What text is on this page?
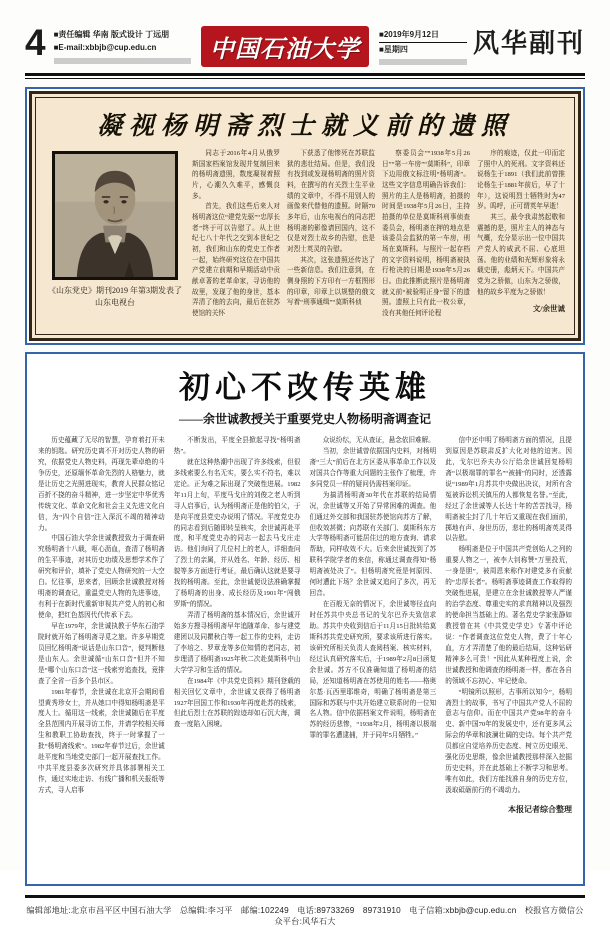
4 ■责任编辑 华南 版式设计 丁远朋
■E-mail:xbbjb@cup.edu.cn	中国石油大学
■2019年9月12日
■星期四	风华副刊
凝视杨明斋烈士就义前的遗照
《山东党史》期刊2019 年第3期发表了山东电视台

同志于2016年4月从俄罗斯国家档案馆发现并复制回来的杨明斋遗照，数度凝视着照片，心潮久久难平，感慨良多。

首先，我们这些后来人对杨明斋这位“建党先驱”“忠厚长者”终于可以告慰了。从上世纪七八十年代之交到本世纪之初，我们和山东的党史工作者一起，始终研究这位在中国共产党建立前期和早期活动中贡献卓著的老革命家，寻访他的故里，发现了他的身世，基本弄清了他的去向，最后在驻苏使馆的关怀

下获悉了他惨死在苏联监狱的悲壮结局。但是，我们没有找到或发现杨明斋的照片资料，在撰写的有关烈士生平业绩的文章中，不得不用别人的画像来代替他的遗照。时隔70多年后，山东电视台的同志把杨明斋的影像请回国内，这不仅是对烈士故乡的告慰，也是对烈士英灵的告慰。

其次，这张遗照还传达了一些新信息。我们注意到，在侧身照的下方印有一方框图形的印章，印章上以规整的俄文写着“刑事通缉”“莫斯科侦

察委员会”“1938年5月26日”“第一车房”“莫斯科”，印章下边用俄文标注明“杨明斋”。这些文字信息明确告诉我们：照片的主人是杨明斋，拍摄的时间是1938年5月26日，主持拍摄的单位是莫斯科刑事侦查委员会，杨明斋在押的地点是该委员会监狱的第一车房，刑场在莫斯科。与照片一起存档的文字资料说明，杨明斋被执行枪决的日期是1938年5月26日。由此推断此照片是杨明斋就义前“被验明正身”留下的遗照。遗照上只有此一枚公章，没有其他任何评论程

序的痕迹，仅此一印而定了照中人的死刑。文字资料还说杨生于1891（我们此前曾推论杨生于1881年前后，早了十年），这说明烈士牺牲时为47岁。呜呼，正可谓英年早逝！

其三，最令我肃然起敬和震撼的是，照片主人的神态与气概，充分显示出一位中国共产党人的威武不屈、心底坦荡。他的业绩和光辉形象将永载史册，彪炳天下。中国共产党为之骄傲，山东为之骄傲，他的故乡平度为之骄傲！

文/余世诚
初心不改传英雄
——余世诚教授关于重要党史人物杨明斋调查记

历史蕴藏了无尽的智慧，孕育着打开未来的钥匙。研究历史离不开对历史人物的研究，依据党史人物史料，再现先辈卓绝的斗争历史，还原缅怀革命先烈的人格魅力，就是让历史之光照进现实，教育人民群众铭记百折不挠的奋斗精神，进一步坚定中华优秀传统文化、革命文化和社会主义先进文化自信，为“四个自信”注入深沉不竭的精神动力。

中国石油大学余世诚教授致力于调查研究杨明斋十八载，呕心沥血，查清了杨明斋的生平事迹，对其历史功绩及思想学术作了研究和评价，填补了党史人物研究的一大空白。忆往事，思来者，回顾余世诚教授对杨明斋的调查记，重温党史人物的先进事迹，有利于在新时代重新审视共产党人的初心和使命，把红色基因代代传承下去。

早在1979年，余世诚执教于华东石油学院时就开始了杨明斋寻觅之旅。许多早期党员回忆杨明斋“说话是山东口音”，便判断他是山东人。余世诚循“山东口音”但并不知是“哪个山东口音”这一线索穷追查找，竟排查了全省一百多个县市区。

1981年春节，余世诚在北京开会期间看望黄秀珍女士，并从她口中得知杨明斋是平度人士。循用这一线索，余世诚随后在平度全县范围内开展寻访工作，并请学校相关师生和教职工协助查找，终于一时掌握了一批“杨明斋线索”。1982年春节过后，余世诚赴平度和当地党史部门一起开展查找工作。中共平度县委多次研究并具体部署相关工作，通过实地走访、有线广播和机关报纸等方式，寻人启事

不断发出，平度全县掀起寻找“杨明斋热”。

就在这种热潮中出现了许多线索，但很多线索要么有名无实，要么实不符名，难以定论。正为难之际出现了突破性进展。1982年11月上旬，平度马戈庄的刘俊之老人听到寻人启事后，认为杨明斋正是他的伯父，于是向平度县党史办说明了情况。平度党史办的同志看到后随即转呈核实，余世诚再赴平度，和平度党史办的同志一起去马戈庄走访。他们询问了几位村上的老人，详细查问了烈士的亲属，并从姓名、年龄、经历、相貌等多方面进行考证，最后确认这就是要寻找的杨明斋。至此，余世诚便设法准确掌握了杨明斋的出身、成长经历及1901年“闯俄罗斯”的情况。

弄清了杨明斋的基本情况后，余世诚开始多方搜寻杨明斋早年追随革命、参与建党建团以及同瞿秋白等一起工作的史料，走访了李培之、罗章龙等多位知情的老同志，初步理清了杨明斋1925年秋二次赴莫斯科中山大学学习和生活的情况。

在1984年《中共党史资料》期刊登载的相关回忆文章中，余世诚又获得了杨明斋1927年回国工作和1930年再度赴苏的线索，但此后烈士在苏联的踪迹却如石沉大海，调查一度陷入困境。

众说纷纭，无从查证，悬念依旧难解。

当初，余世诚曾依据国内史料，对杨明斋“三大”前后在北方区委从事革命工作以及对国共合作等重大问题的主张作了梳理，许多同党员一样的疑问仍需档案印证。

为搞清杨明斋30年代在苏联的结局情况，余世诚等又开始了异常困难的调查。他们通过外交部和我国驻苏使馆向苏方了解，但收效甚微；向苏联有关部门、莫斯科东方大学等杨明斋可能居住过的地方查询、请求帮助，同样收效不大。后来余世诚找到了苏联科学院学者的来信，称通过调查得知“杨明斋被处决了”。但杨明斋究竟是何原因、何时遭此下场？余世诚又追问了多次，再无回音。

在百般无奈的情况下，余世诚等径直向时任苏共中央总书记的戈尔巴乔夫致信求助。苏共中央收到信后于11月15日批转给莫斯科苏共党史研究所，要求该所进行落实。该研究所相关负责人查阅档案、核实材料，经过认真研究落实后，于1989年2月8日函复余世诚。苏方不仅准确知道了杨明斋的结局，还知道杨明斋在苏使用的姓名——格奥尔基·瓦西里耶维奇，明确了杨明斋是第三国际和苏联与中共开始建立联系时的一位知名人物。信中依据档案文件说明，杨明斋在苏的经历悲惨，“1938年2月，杨明斋以极端罪的罪名遭逮捕，并于同年5月牺牲。”

信中还申明了杨明斋方面的情况，且提到原因是苏联肃反扩大化对他的迫害。因此，戈尔巴乔夫办公厅给余世诚回复杨明斋“以极端罪的罪名”“被捕”的同时，还透露说“1989年1月苏共中央做出决议，对所有含冤被诉讼机关镇压的人都恢复名誉。”至此，经过了余世诚等人长达十年的苦苦找寻，杨明斋被尘封了几十年后又重现在我们面前，掷地有声、身世历历，悲壮的杨明斋英灵得以告慰。

杨明斋是位于中国共产党创始人之列的重要人物之一，被李大钊称赞“万里投荒，一身是胆”，被周恩来称作对建党多有贡献的“忠厚长者”。杨明斋事迹调查工作取得的突破性进展，是建立在余世诚教授等人严谨的治学态度、尊重史实的求真精神以及强烈的使命担当基础上的。著名党史学家张静如教授曾在其《中共党史学史》专著中评论说：“作者调查这位党史人物，费了十年心血，方才弄清楚了他的最后结局，这种钻研精神多么可贵！”因此从某种程度上说，余世诚教授和他调查的杨明斋一样，都在各自的领域不忘初心、牢记使命。

“明镜所以照形，古事所以知今”，杨明斋烈士的故事，书写了中国共产党人不屈的意志与信仰。而在中国共产党98年的奋斗史、新中国70年的发展史中，还有更多风云际会的华章和波澜壮阔的史诗。每个共产党员都应自觉培养历史态度、树立历史眼光、强化历史思维，像余世诚教授那样深入挖掘历史史料，并在此基础上不断学习和思考。唯有如此，我们方能找准自身的历史方位，汲取砥砺前行的不竭动力。

本报记者综合整理
编辑部地址:北京市昌平区中国石油大学　总编辑:李习平　邮编:102249　电话:89733269　89731910　电子信箱:xbbjb@cup.edu.cn　校报官方微信公众平台:风华石大
